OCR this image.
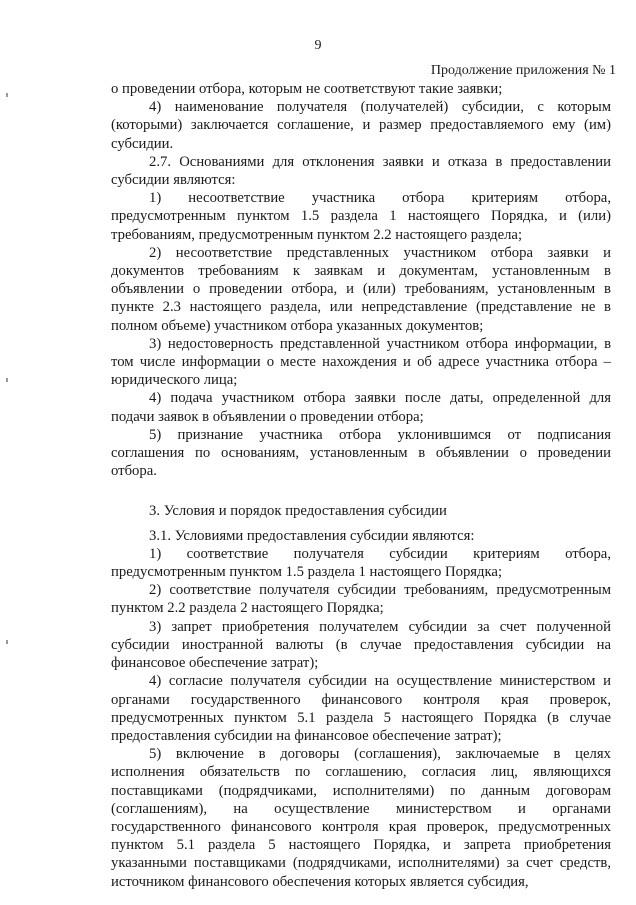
9
Продолжение приложения № 1

о проведении отбора, которым не соответствуют такие заявки;

4) наименование получателя (получателей) субсидии, с которым (которыми) заключается соглашение, и размер предоставляемого ему (им) субсидии.

2.7. Основаниями для отклонения заявки и отказа в предоставлении субсидии являются:

1) несоответствие участника отбора критериям отбора, предусмотренным пунктом 1.5 раздела 1 настоящего Порядка, и (или) требованиям, предусмотренным пунктом 2.2 настоящего раздела;

2) несоответствие представленных участником отбора заявки и документов требованиям к заявкам и документам, установленным в объявлении о проведении отбора, и (или) требованиям, установленным в пункте 2.3 настоящего раздела, или непредставление (представление не в полном объеме) участником отбора указанных документов;

3) недостоверность представленной участником отбора информации, в том числе информации о месте нахождения и об адресе участника отбора – юридического лица;

4) подача участником отбора заявки после даты, определенной для подачи заявок в объявлении о проведении отбора;

5) признание участника отбора уклонившимся от подписания соглашения по основаниям, установленным в объявлении о проведении отбора.

3. Условия и порядок предоставления субсидии

3.1. Условиями предоставления субсидии являются:

1) соответствие получателя субсидии критериям отбора, предусмотренным пунктом 1.5 раздела 1 настоящего Порядка;

2) соответствие получателя субсидии требованиям, предусмотренным пунктом 2.2 раздела 2 настоящего Порядка;

3) запрет приобретения получателем субсидии за счет полученной субсидии иностранной валюты (в случае предоставления субсидии на финансовое обеспечение затрат);

4) согласие получателя субсидии на осуществление министерством и органами государственного финансового контроля края проверок, предусмотренных пунктом 5.1 раздела 5 настоящего Порядка (в случае предоставления субсидии на финансовое обеспечение затрат);

5) включение в договоры (соглашения), заключаемые в целях исполнения обязательств по соглашению, согласия лиц, являющихся поставщиками (подрядчиками, исполнителями) по данным договорам (соглашениям), на осуществление министерством и органами государственного финансового контроля края проверок, предусмотренных пунктом 5.1 раздела 5 настоящего Порядка, и запрета приобретения указанными поставщиками (подрядчиками, исполнителями) за счет средств, источником финансового обеспечения которых является субсидия,
